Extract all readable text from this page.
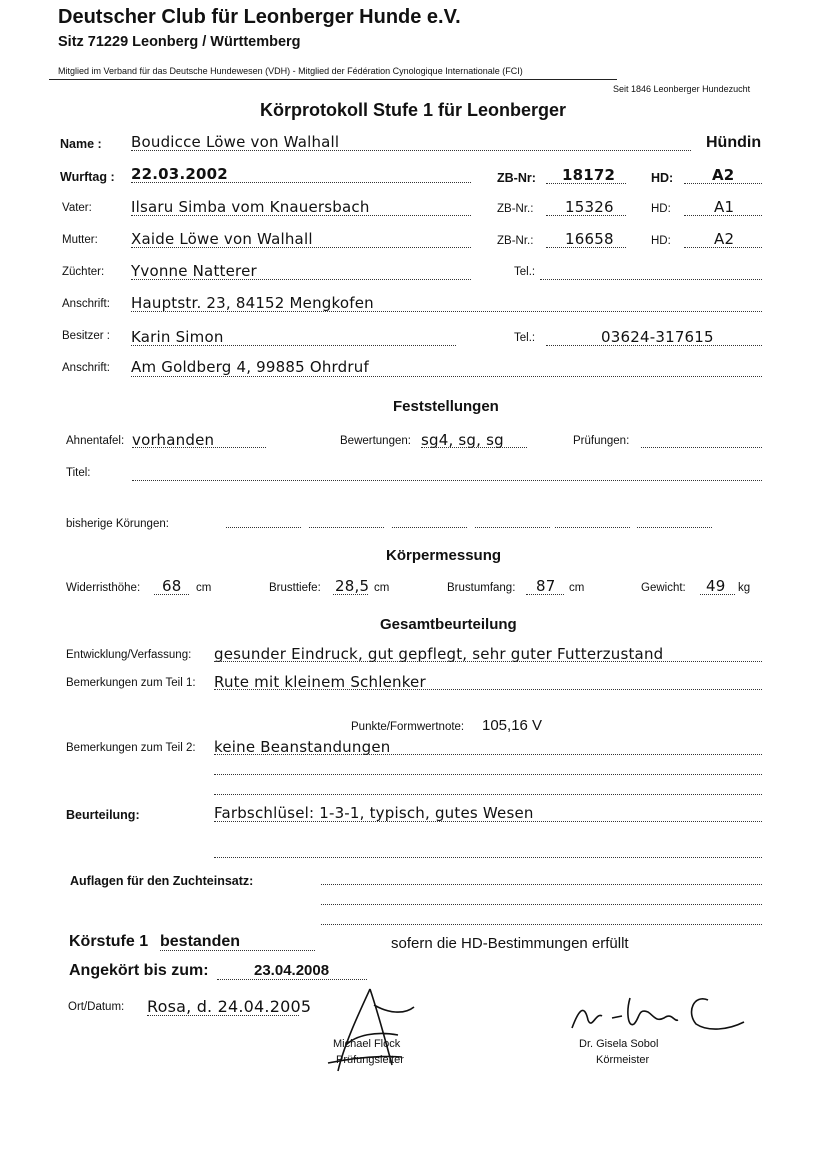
Deutscher Club für Leonberger Hunde e.V.
Sitz 71229 Leonberg / Württemberg
Mitglied im Verband für das Deutsche Hundewesen (VDH) - Mitglied der Fédération Cynologique Internationale (FCI)
Seit 1846 Leonberger Hundezucht
Körprotokoll Stufe 1 für Leonberger
Name : Boudicce Löwe von Walhall	Hündin
Wurftag : 22.03.2002	ZB-Nr: 18172	HD:	A2
Vater:	Ilsaru Simba vom Knauersbach	ZB-Nr.: 15326	HD:	A1
Mutter: Xaide Löwe von Walhall	ZB-Nr.: 16658	HD:	A2
Züchter: Yvonne Natterer	Tel.:
Anschrift: Hauptstr. 23, 84152 Mengkofen
Besitzer : Karin Simon	Tel.:	03624-317615
Anschrift: Am Goldberg 4, 99885 Ohrdruf
Feststellungen
Ahnentafel: vorhanden	Bewertungen: sg4, sg, sg	Prüfungen:
Titel:
bisherige Körungen:
Körpermessung
Widerristhöhe: 68 cm	Brusttiefe: 28,5 cm	Brustumfang: 87 cm	Gewicht: 49 kg
Gesamtbeurteilung
Entwicklung/Verfassung: gesunder Eindruck, gut gepflegt, sehr guter Futterzustand
Bemerkungen zum Teil 1: Rute mit kleinem Schlenker
Punkte/Formwertnote: 105,16 V
Bemerkungen zum Teil 2: keine Beanstandungen
Beurteilung:	Farbschlüsel: 1-3-1, typisch, gutes Wesen
Auflagen für den Zuchteinsatz:
Körstufe 1 bestanden	sofern die HD-Bestimmungen erfüllt
Angekört bis zum:	23.04.2008
Ort/Datum: Rosa, d. 24.04.2005
Michael Flock
Prüfungsleiter
Dr. Gisela Sobol
Körmeister
